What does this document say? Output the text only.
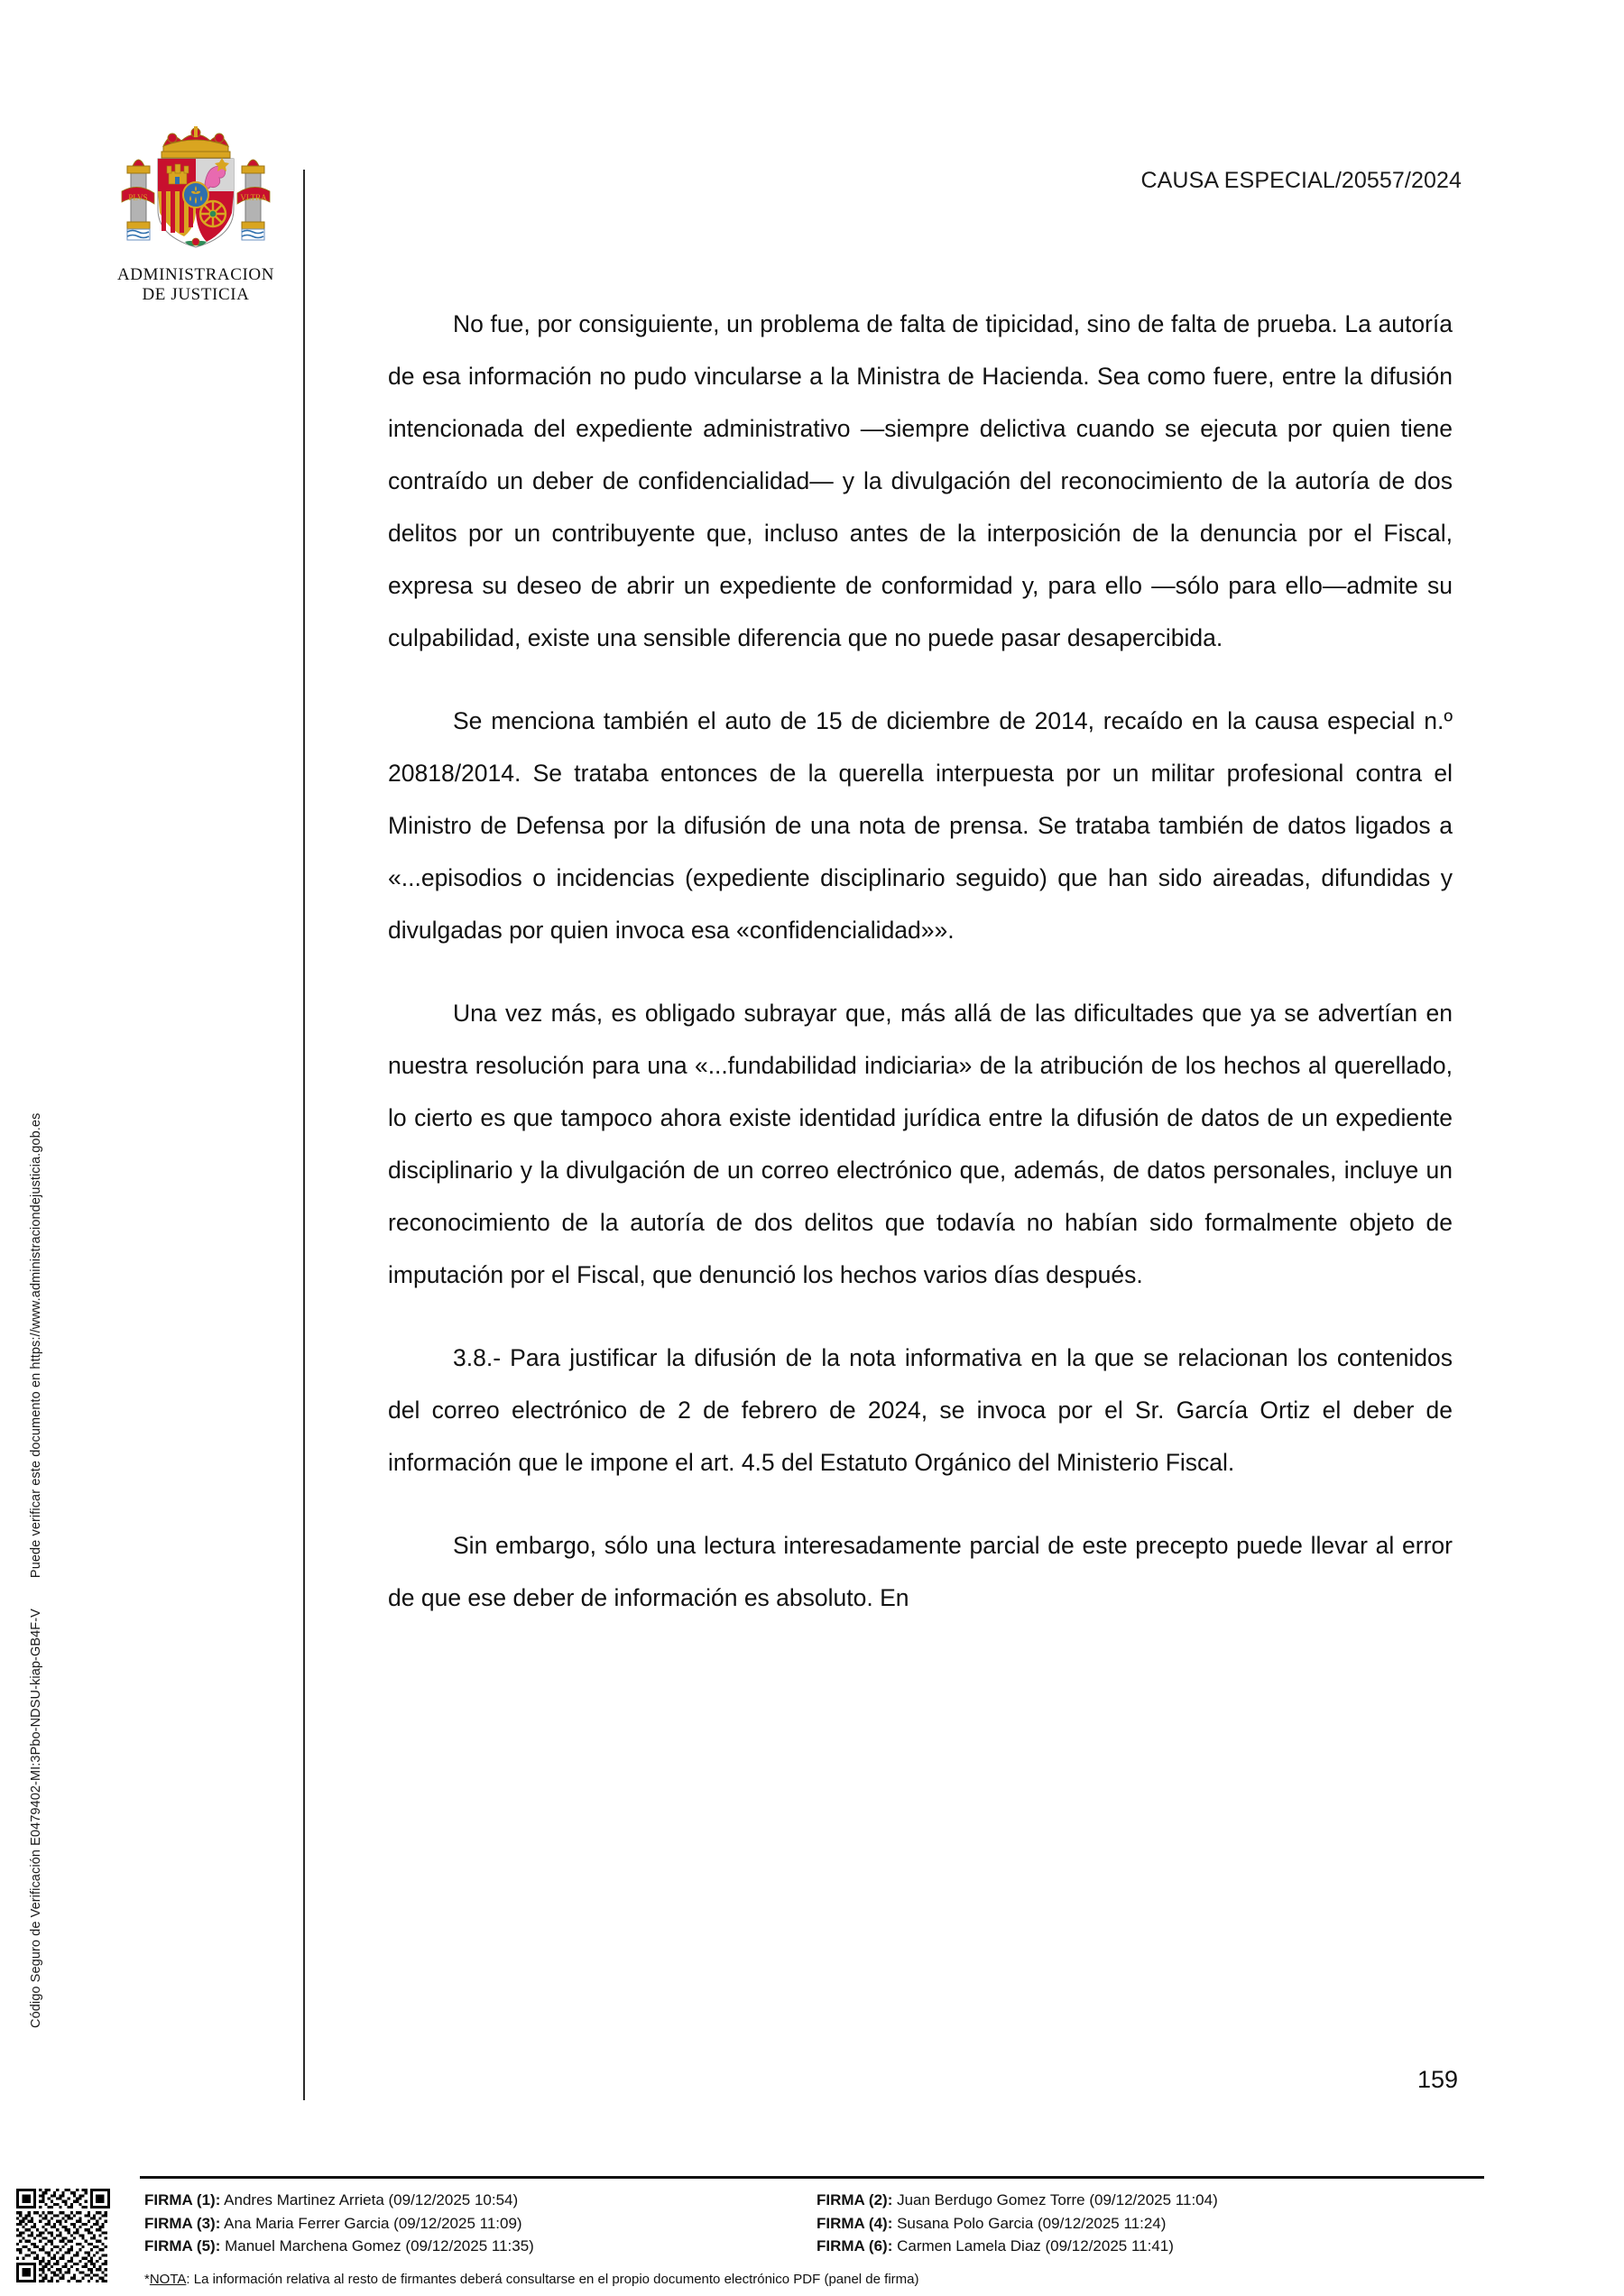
Código Seguro de Verificación E0479402-MI:3Pbo-NDSU-kiap-GB4F-VPuede verificar este documento en https://www.administraciondejusticia.gob.es
PLVS	VLTRA
ADMINISTRACION
DE JUSTICIA
CAUSA ESPECIAL/20557/2024

No fue, por consiguiente, un problema de falta de tipicidad, sino de falta de prueba. La autoría de esa información no pudo vincularse a la Ministra de Hacienda. Sea como fuere, entre la difusión intencionada del expediente administrativo —siempre delictiva cuando se ejecuta por quien tiene contraído un deber de confidencialidad— y la divulgación del reconocimiento de la autoría de dos delitos por un contribuyente que, incluso antes de la interposición de la denuncia por el Fiscal, expresa su deseo de abrir un expediente de conformidad y, para ello —sólo para ello—admite su culpabilidad, existe una sensible diferencia que no puede pasar desapercibida.

Se menciona también el auto de 15 de diciembre de 2014, recaído en la causa especial n.º 20818/2014. Se trataba entonces de la querella interpuesta por un militar profesional contra el Ministro de Defensa por la difusión de una nota de prensa. Se trataba también de datos ligados a «...episodios o incidencias (expediente disciplinario seguido) que han sido aireadas, difundidas y divulgadas por quien invoca esa «confidencialidad»».

Una vez más, es obligado subrayar que, más allá de las dificultades que ya se advertían en nuestra resolución para una «...fundabilidad indiciaria» de la atribución de los hechos al querellado, lo cierto es que tampoco ahora existe identidad jurídica entre la difusión de datos de un expediente disciplinario y la divulgación de un correo electrónico que, además, de datos personales, incluye un reconocimiento de la autoría de dos delitos que todavía no habían sido formalmente objeto de imputación por el Fiscal, que denunció los hechos varios días después.

3.8.- Para justificar la difusión de la nota informativa en la que se relacionan los contenidos del correo electrónico de 2 de febrero de 2024, se invoca por el Sr. García Ortiz el deber de información que le impone el art. 4.5 del Estatuto Orgánico del Ministerio Fiscal.

Sin embargo, sólo una lectura interesadamente parcial de este precepto puede llevar al error de que ese deber de información es absoluto. En

159
FIRMA (1): Andres Martinez Arrieta (09/12/2025 10:54)
FIRMA (3): Ana Maria Ferrer Garcia (09/12/2025 11:09)
FIRMA (5): Manuel Marchena Gomez (09/12/2025 11:35)
FIRMA (2): Juan Berdugo Gomez Torre (09/12/2025 11:04)
FIRMA (4): Susana Polo Garcia (09/12/2025 11:24)
FIRMA (6): Carmen Lamela Diaz (09/12/2025 11:41)
*NOTA: La información relativa al resto de firmantes deberá consultarse en el propio documento electrónico PDF (panel de firma)
